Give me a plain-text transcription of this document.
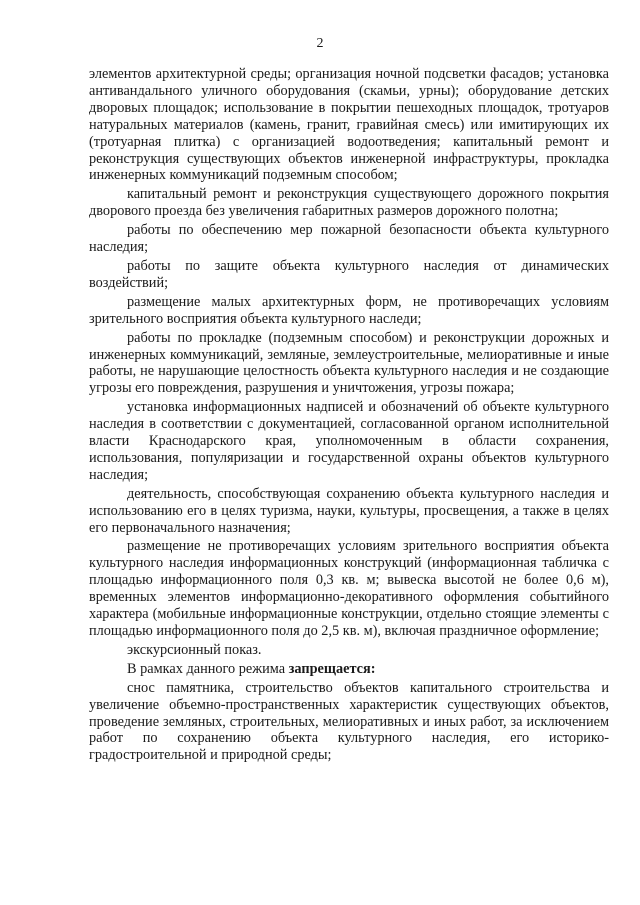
2

элементов архитектурной среды; организация ночной подсветки фасадов; установка антивандального уличного оборудования (скамьи, урны); оборудование детских дворовых площадок; использование в покрытии пешеходных площадок, тротуаров натуральных материалов (камень, гранит, гравийная смесь) или имитирующих их (тротуарная плитка) с организацией водоотведения; капитальный ремонт и реконструкция существующих объектов инженерной инфраструктуры, прокладка инженерных коммуникаций подземным способом;

капитальный ремонт и реконструкция существующего дорожного покрытия дворового проезда без увеличения габаритных размеров дорожного полотна;

работы по обеспечению мер пожарной безопасности объекта культурного наследия;

работы по защите объекта культурного наследия от динамических воздействий;

размещение малых архитектурных форм, не противоречащих условиям зрительного восприятия объекта культурного наследи;

работы по прокладке (подземным способом) и реконструкции дорожных и инженерных коммуникаций, земляные, землеустроительные, мелиоративные и иные работы, не нарушающие целостность объекта культурного наследия и не создающие угрозы его повреждения, разрушения и уничтожения, угрозы пожара;

установка информационных надписей и обозначений об объекте культурного наследия в соответствии с документацией, согласованной органом исполнительной власти Краснодарского края, уполномоченным в области сохранения, использования, популяризации и государственной охраны объектов культурного наследия;

деятельность, способствующая сохранению объекта культурного наследия и использованию его в целях туризма, науки, культуры, просвещения, а также в целях его первоначального назначения;

размещение не противоречащих условиям зрительного восприятия объекта культурного наследия информационных конструкций (информационная табличка с площадью информационного поля 0,3 кв. м; вывеска высотой не более 0,6 м), временных элементов информационно-декоративного оформления событийного характера (мобильные информационные конструкции, отдельно стоящие элементы с площадью информационного поля до 2,5 кв. м), включая праздничное оформление;

экскурсионный показ.

В рамках данного режима запрещается:

снос памятника, строительство объектов капитального строительства и увеличение объемно-пространственных характеристик существующих объектов, проведение земляных, строительных, мелиоративных и иных работ, за исключением работ по сохранению объекта культурного наследия, его историко-градостроительной и природной среды;
